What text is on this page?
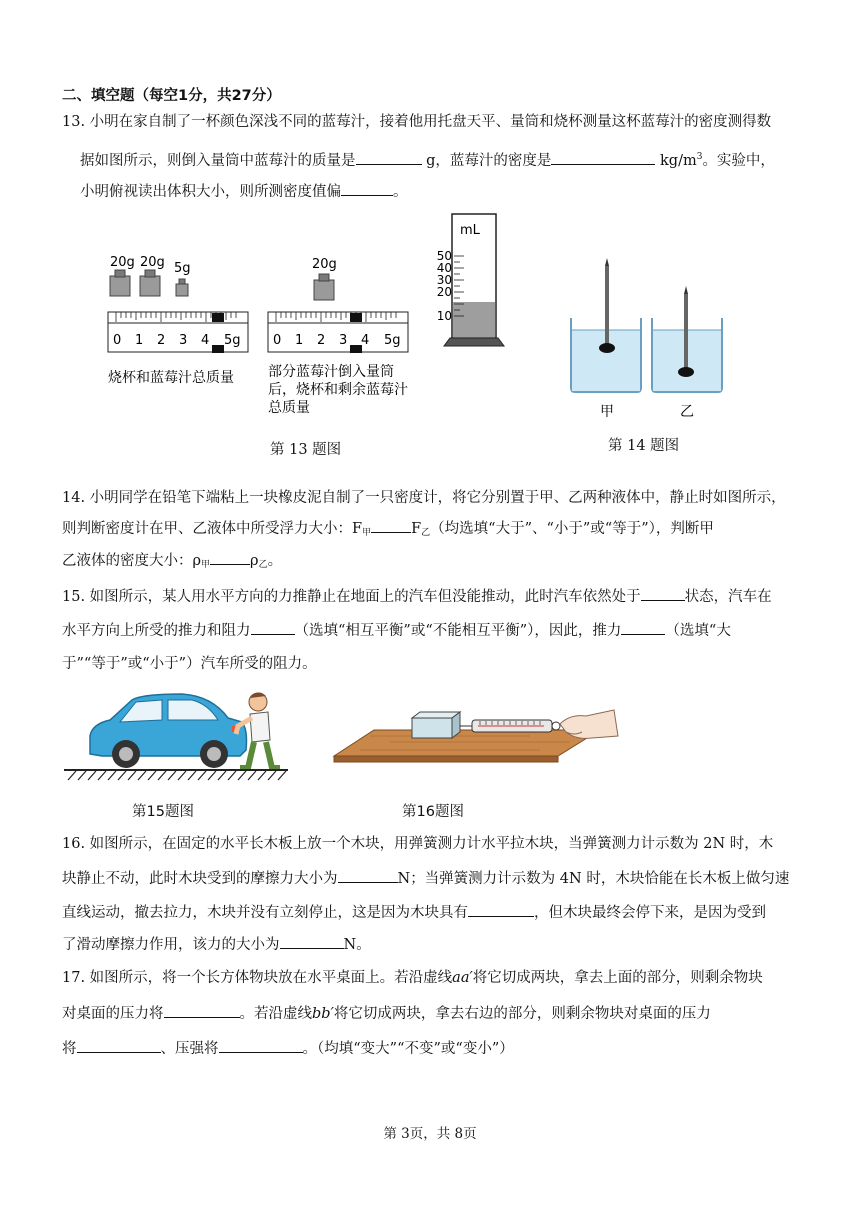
二、填空题（每空1分，共27分）
13. 小明在家自制了一杯颜色深浅不同的蓝莓汁，接着他用托盘天平、量筒和烧杯测量这杯蓝莓汁的密度测得数
据如图所示，则倒入量筒中蓝莓汁的质量是	g，蓝莓汁的密度是	$kg/m^3$。实验中，
小明俯视读出体积大小，则所测密度值偏	。
20g 20g 5g
0 1 2 3 4 5g
烧杯和蓝莓汁总质量
20g
0 1 2 3 4 5g
部分蓝莓汁倒入量筒
后，烧杯和剩余蓝莓汁
总质量
mL
50
40
30
20
10
第 13 题图
甲	乙
第 14 题图
14. 小明同学在铅笔下端粘上一块橡皮泥自制了一只密度计，将它分别置于甲、乙两种液体中，静止时如图所示，
则判断密度计在甲、乙液体中所受浮力大小：$F_甲$	$F_乙$（均选填“大于”、“小于”或“等于”），判断甲
乙液体的密度大小：$\rho_甲$	$\rho_乙$。
15. 如图所示，某人用水平方向的力推静止在地面上的汽车但没能推动，此时汽车依然处于	状态，汽车在
水平方向上所受的推力和阻力	（选填“相互平衡”或“不能相互平衡”），因此，推力	（选填“大
于”“等于”或“小于”）汽车所受的阻力。
第15题图	第16题图
16. 如图所示，在固定的水平长木板上放一个木块，用弹簧测力计水平拉木块，当弹簧测力计示数为 2N 时，木
块静止不动，此时木块受到的摩擦力大小为	N；当弹簧测力计示数为 4N 时，木块恰能在长木板上做匀速
直线运动，撤去拉力，木块并没有立刻停止，这是因为木块具有	，但木块最终会停下来，是因为受到
了滑动摩擦力作用，该力的大小为	N。
17. 如图所示，将一个长方体物块放在水平桌面上。若沿虚线aa′将它切成两块，拿去上面的部分，则剩余物块
对桌面的压力将	。若沿虚线bb′将它切成两块，拿去右边的部分，则剩余物块对桌面的压力
将	、压强将	。（均填“变大”“不变”或“变小”）
第 3页，共 8页
